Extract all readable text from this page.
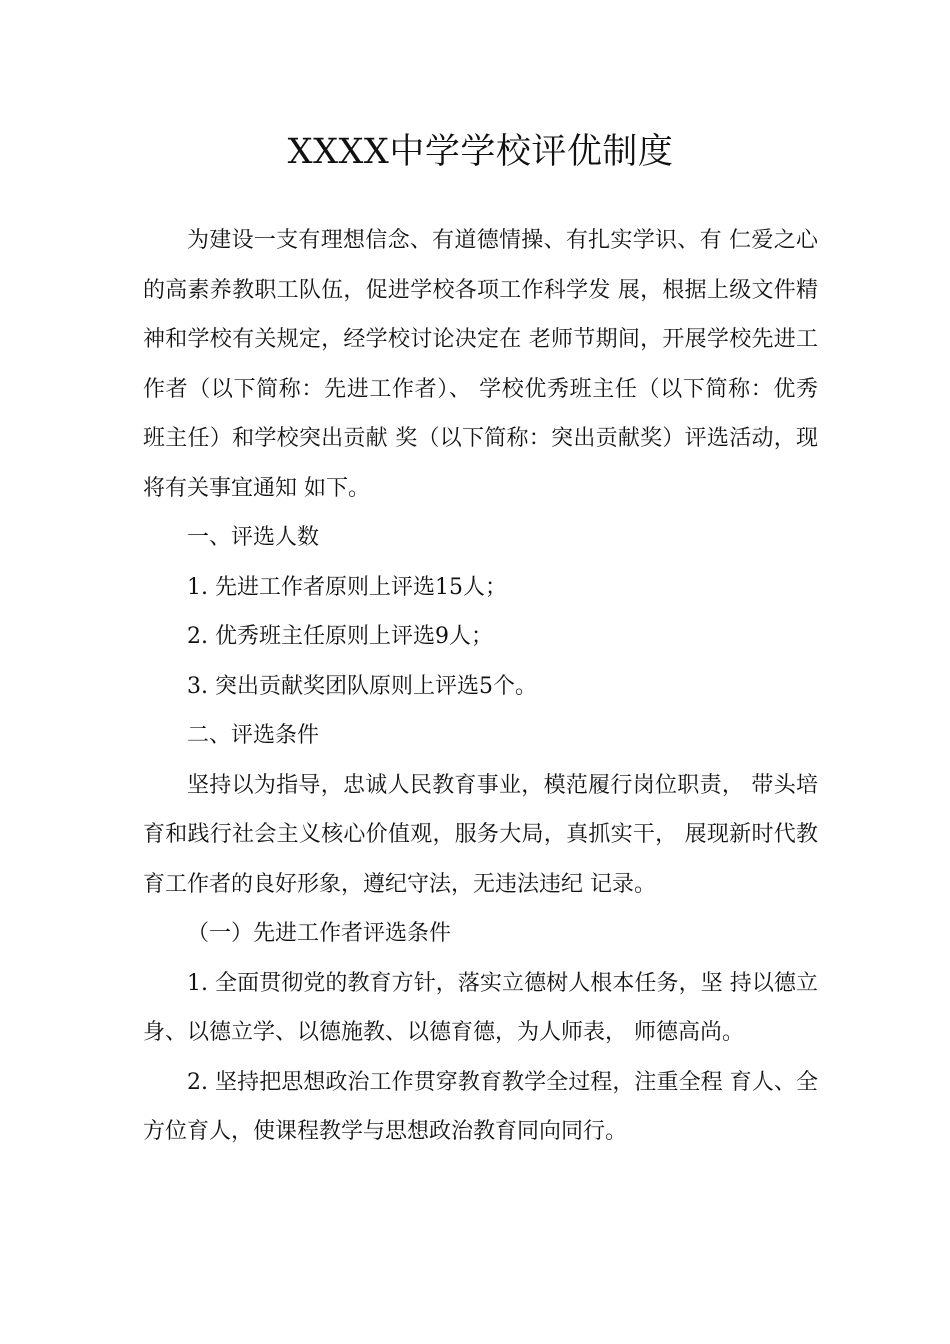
XXXX中学学校评优制度

为建设一支有理想信念、有道德情操、有扎实学识、有 仁爱之心的高素养教职工队伍，促进学校各项工作科学发 展，根据上级文件精神和学校有关规定，经学校讨论决定在 老师节期间，开展学校先进工作者（以下简称：先进工作者）、 学校优秀班主任（以下简称：优秀班主任）和学校突出贡献 奖（以下简称：突出贡献奖）评选活动，现将有关事宜通知 如下。

一、评选人数

1. 先进工作者原则上评选15人；

2. 优秀班主任原则上评选9人；

3. 突出贡献奖团队原则上评选5个。

二、评选条件

坚持以为指导，忠诚人民教育事业，模范履行岗位职责， 带头培育和践行社会主义核心价值观，服务大局，真抓实干， 展现新时代教育工作者的良好形象，遵纪守法，无违法违纪 记录。

（一）先进工作者评选条件

1. 全面贯彻党的教育方针，落实立德树人根本任务，坚 持以德立身、以德立学、以德施教、以德育德，为人师表， 师德高尚。

2. 坚持把思想政治工作贯穿教育教学全过程，注重全程 育人、全方位育人，使课程教学与思想政治教育同向同行。
